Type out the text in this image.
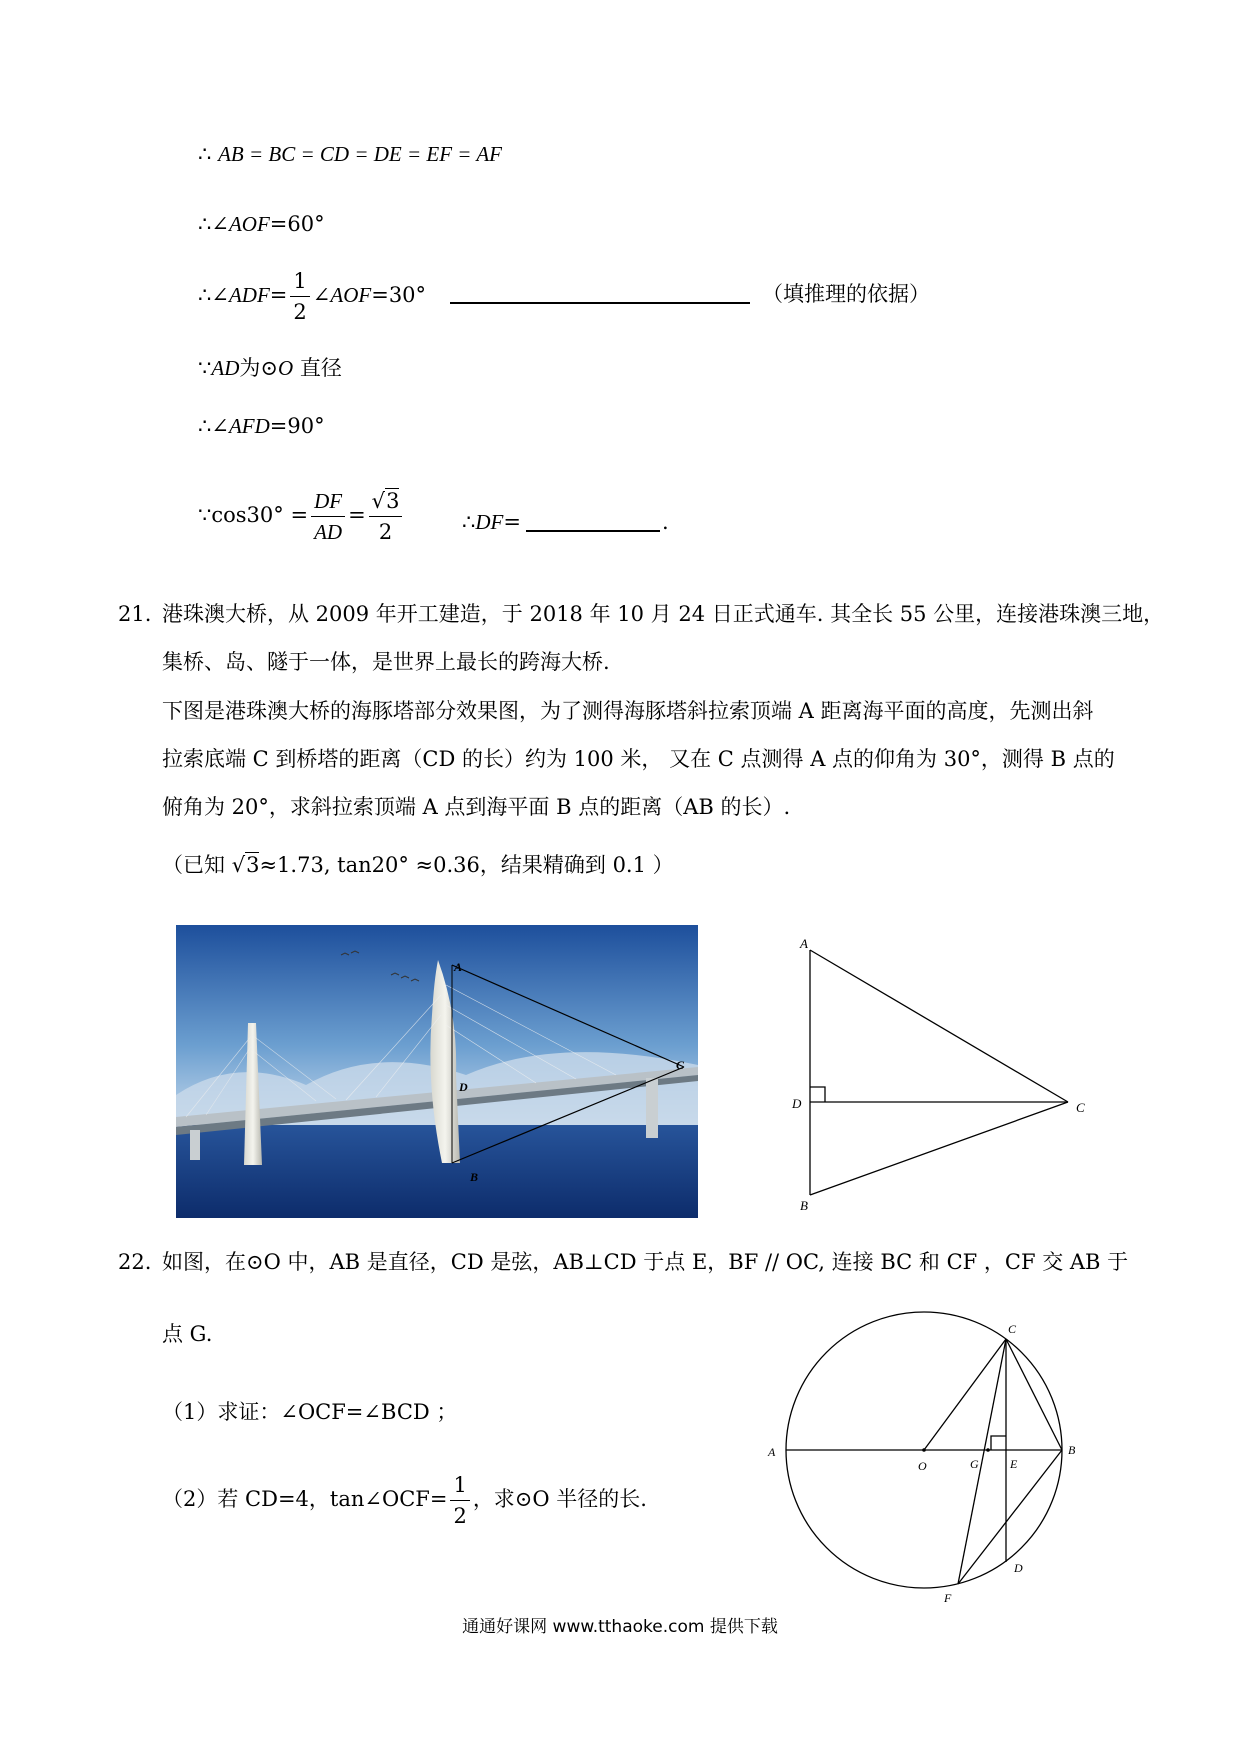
∴ AB = BC = CD = DE = EF = AF
∴∠AOF=60°
∴∠ADF= $\frac{1}{2}$ ∠AOF=30°	（填推理的依据）
∵AD为⊙O 直径
∴∠AFD=90°
∵cos30° = $\frac{DF}{AD} = \frac{√3}{2}$	∴DF=	.
21. 港珠澳大桥，从 2009 年开工建造，于 2018 年 10 月 24 日正式通车. 其全长 55 公里，连接港珠澳三地，
集桥、岛、隧于一体，是世界上最长的跨海大桥.
下图是港珠澳大桥的海豚塔部分效果图，为了测得海豚塔斜拉索顶端 A 距离海平面的高度，先测出斜
拉索底端 C 到桥塔的距离（CD 的长）约为 100 米， 又在 C 点测得 A 点的仰角为 30°，测得 B 点的
俯角为 20°，求斜拉索顶端 A 点到海平面 B 点的距离（AB 的长）.
（已知 √3≈1.73, tan20° ≈0.36，结果精确到 0.1 ）
A
C
D
B
A
D	C
B
22. 如图，在⊙O 中，AB 是直径，CD 是弦，AB⊥CD 于点 E，BF // OC, 连接 BC 和 CF ，CF 交 AB 于
点 G.
（1）求证：∠OCF=∠BCD ；
（2）若 CD=4，tan∠OCF= $\frac{1}{2}$ ，求⊙O 半径的长.
C
A	B
O	G	E
D
F
通通好课网 www.tthaoke.com 提供下载
